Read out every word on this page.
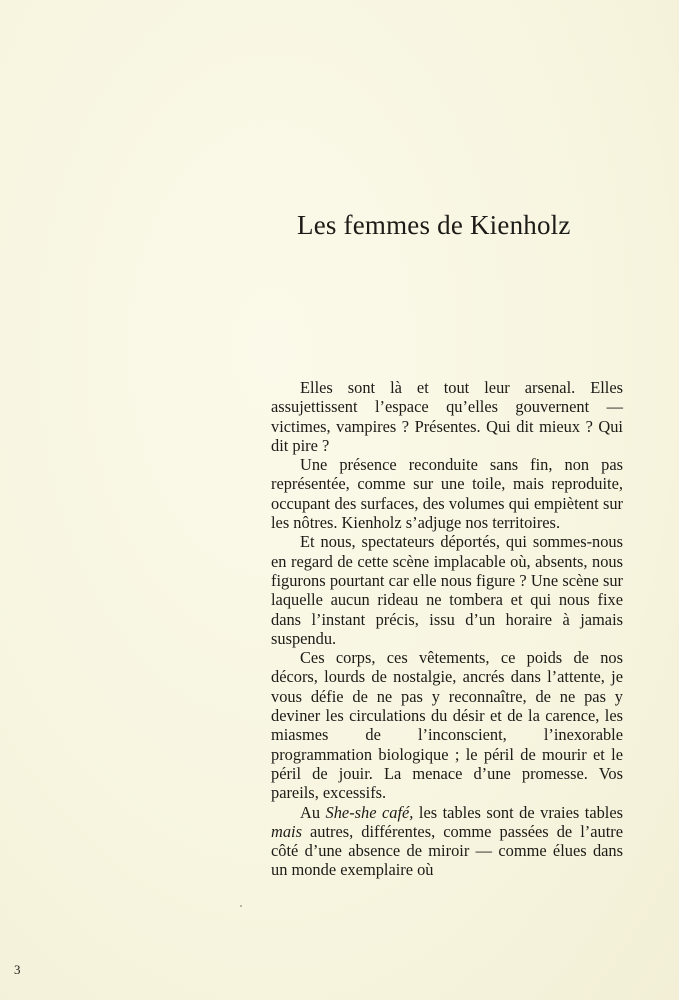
Les femmes de Kienholz

Elles sont là et tout leur arsenal. Elles assujettissent l’espace qu’elles gouvernent — victimes, vampires ? Présentes. Qui dit mieux ? Qui dit pire ?

Une présence reconduite sans fin, non pas représentée, comme sur une toile, mais reproduite, occupant des surfaces, des volumes qui empiètent sur les nôtres. Kienholz s’adjuge nos territoires.

Et nous, spectateurs déportés, qui sommes-nous en regard de cette scène implacable où, absents, nous figurons pourtant car elle nous figure ? Une scène sur laquelle aucun rideau ne tombera et qui nous fixe dans l’instant précis, issu d’un horaire à jamais suspendu.

Ces corps, ces vêtements, ce poids de nos décors, lourds de nostalgie, ancrés dans l’attente, je vous défie de ne pas y reconnaître, de ne pas y deviner les circulations du désir et de la carence, les miasmes de l’inconscient, l’inexorable programmation biologique ; le péril de mourir et le péril de jouir. La menace d’une promesse. Vos pareils, excessifs.

Au She-she café, les tables sont de vraies tables mais autres, différentes, comme passées de l’autre côté d’une absence de miroir — comme élues dans un monde exemplaire où

3
